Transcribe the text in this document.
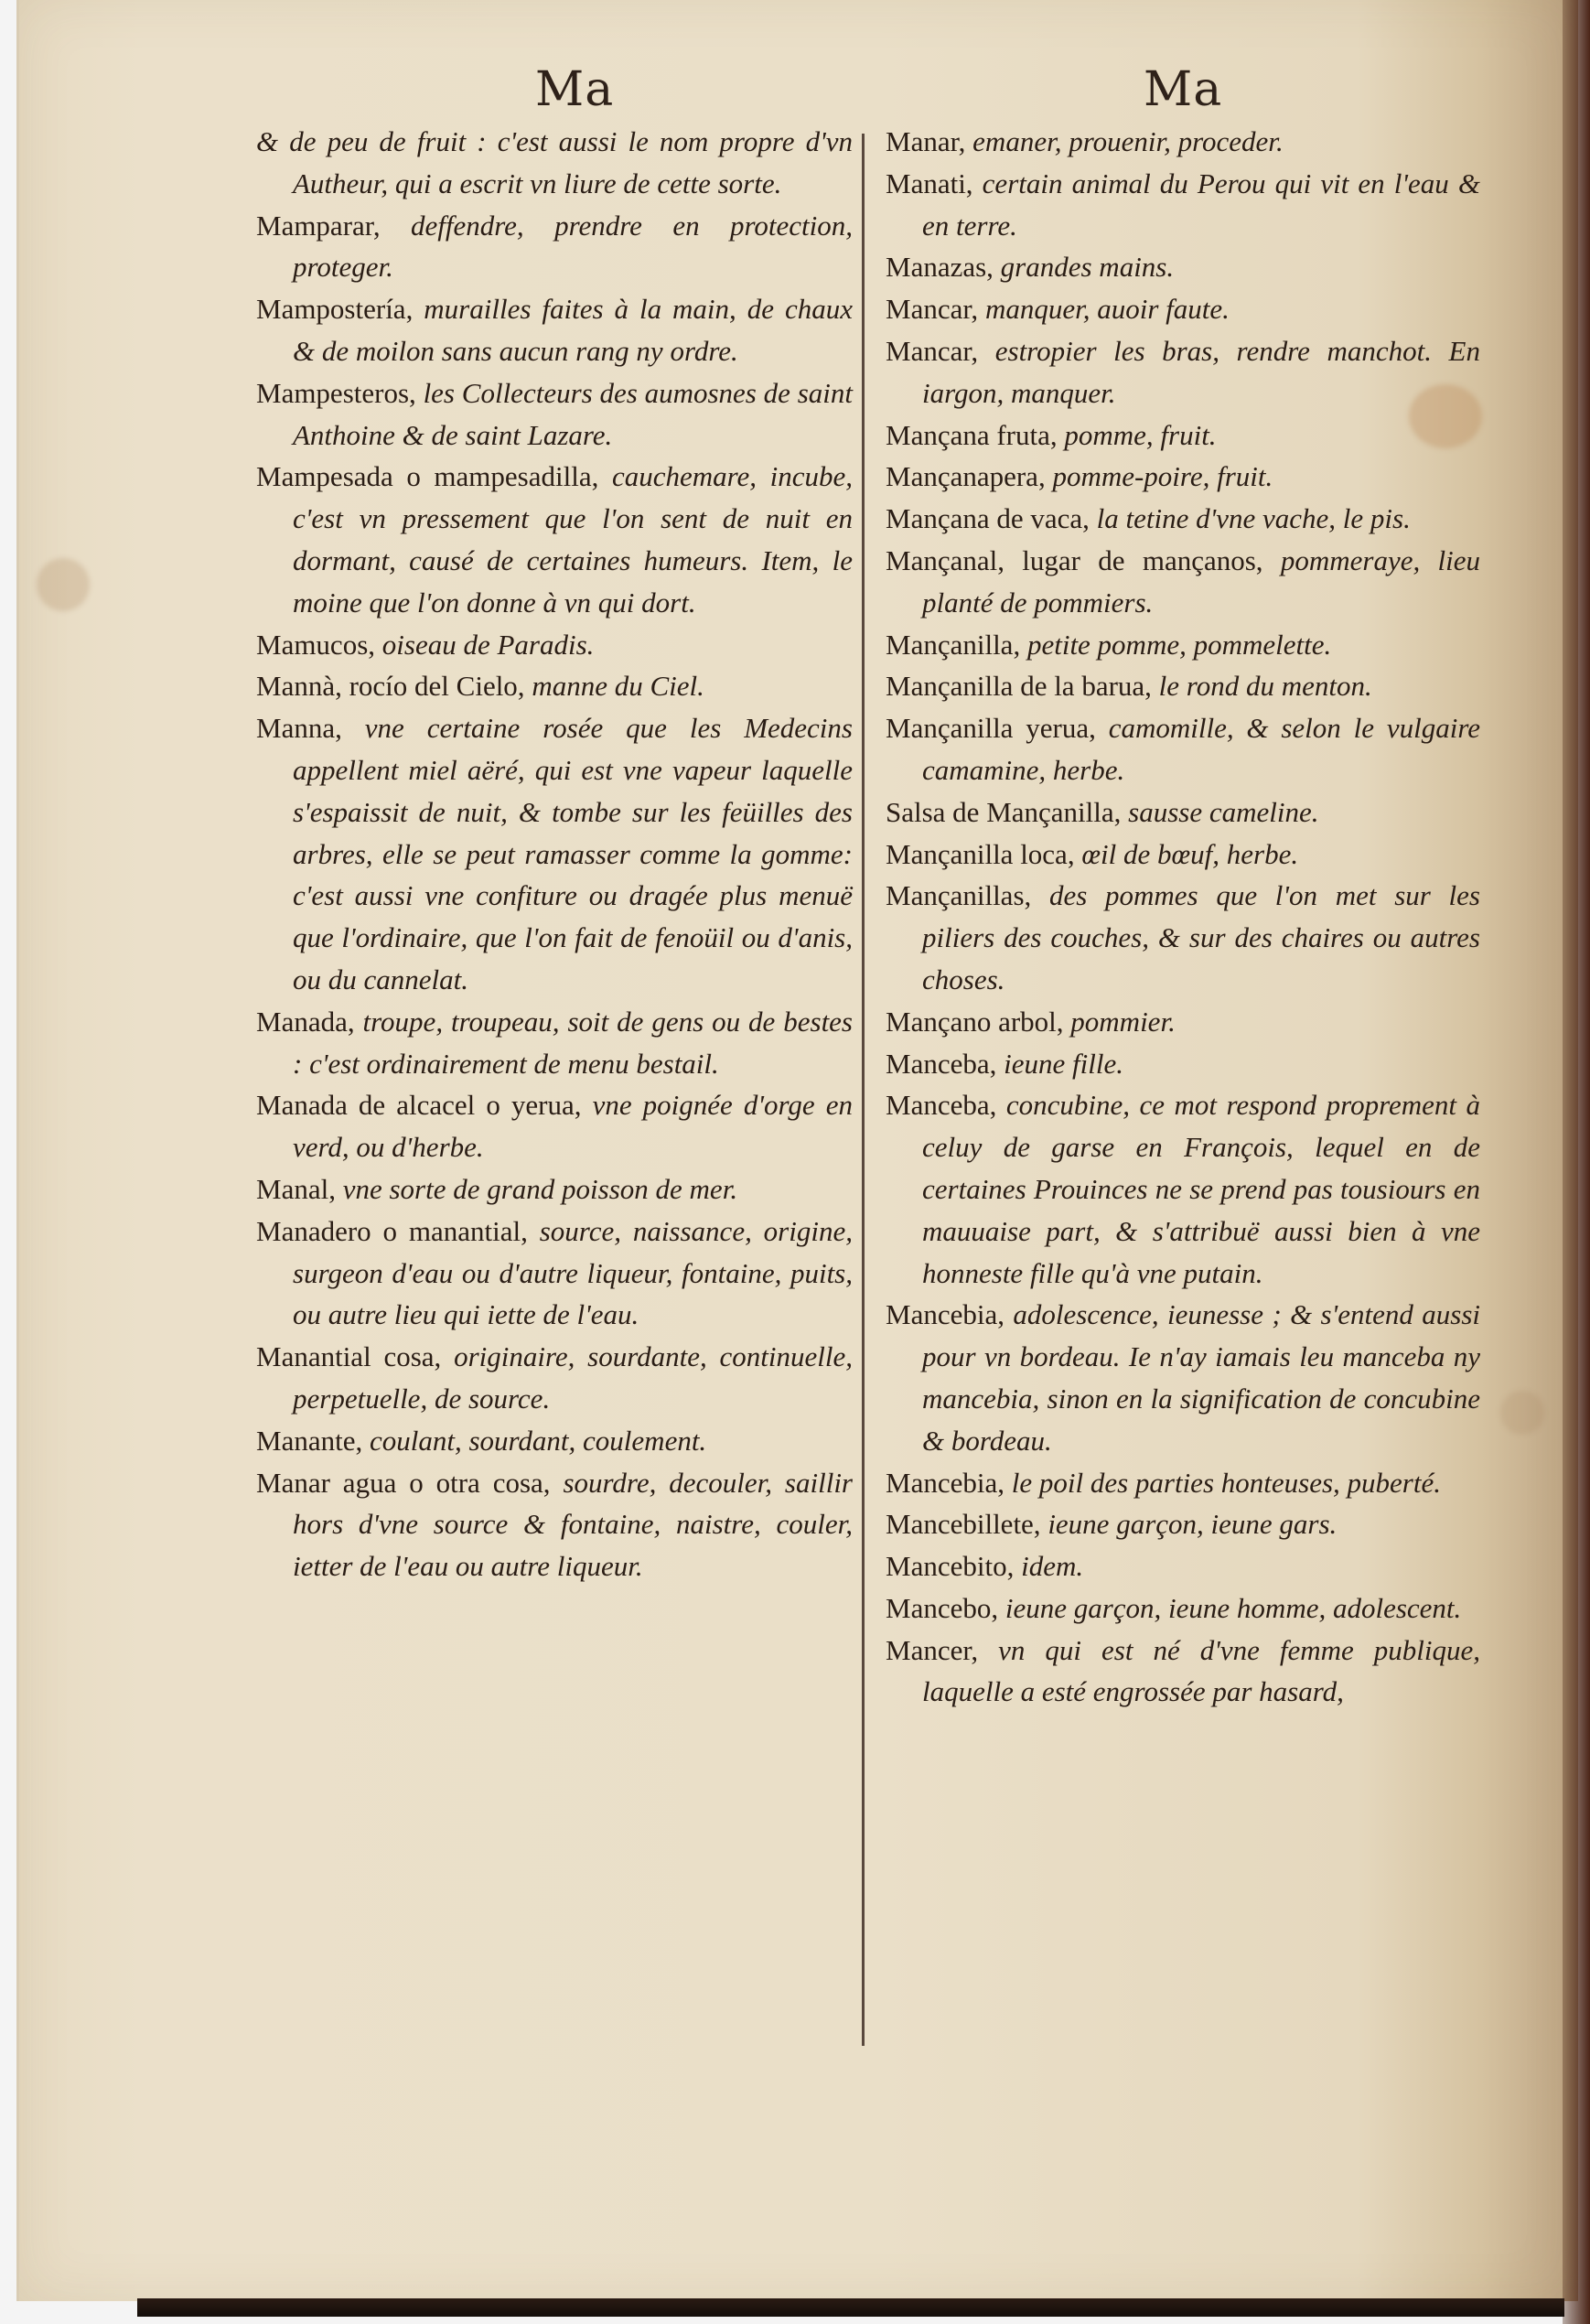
Ma	Ma
& de peu de fruit : c'est aussi le nom propre d'vn Autheur, qui a escrit vn liure de cette sorte.
Mamparar, deffendre, prendre en protection, proteger.
Mampostería, murailles faites à la main, de chaux & de moilon sans aucun rang ny ordre.
Mampesteros, les Collecteurs des aumosnes de saint Anthoine & de saint Lazare.
Mampesada o mampesadilla, cauchemare, incube, c'est vn pressement que l'on sent de nuit en dormant, causé de certaines humeurs. Item, le moine que l'on donne à vn qui dort.
Mamucos, oiseau de Paradis.
Mannà, rocío del Cielo, manne du Ciel.
Manna, vne certaine rosée que les Medecins appellent miel aëré, qui est vne vapeur laquelle s'espaissit de nuit, & tombe sur les feüilles des arbres, elle se peut ramasser comme la gomme: c'est aussi vne confiture ou dragée plus menuë que l'ordinaire, que l'on fait de fenoüil ou d'anis, ou du cannelat.
Manada, troupe, troupeau, soit de gens ou de bestes : c'est ordinairement de menu bestail.
Manada de alcacel o yerua, vne poignée d'orge en verd, ou d'herbe.
Manal, vne sorte de grand poisson de mer.
Manadero o manantial, source, naissance, origine, surgeon d'eau ou d'autre liqueur, fontaine, puits, ou autre lieu qui iette de l'eau.
Manantial cosa, originaire, sourdante, continuelle, perpetuelle, de source.
Manante, coulant, sourdant, coulement.
Manar agua o otra cosa, sourdre, decouler, saillir hors d'vne source & fontaine, naistre, couler, ietter de l'eau ou autre liqueur.
Manar, emaner, prouenir, proceder.
Manati, certain animal du Perou qui vit en l'eau & en terre.
Manazas, grandes mains.
Mancar, manquer, auoir faute.
Mancar, estropier les bras, rendre manchot. En iargon, manquer.
Mançana fruta, pomme, fruit.
Mançanapera, pomme-poire, fruit.
Mançana de vaca, la tetine d'vne vache, le pis.
Mançanal, lugar de mançanos, pommeraye, lieu planté de pommiers.
Mançanilla, petite pomme, pommelette.
Mançanilla de la barua, le rond du menton.
Mançanilla yerua, camomille, & selon le vulgaire camamine, herbe.
Salsa de Mançanilla, sausse cameline.
Mançanilla loca, œil de bœuf, herbe.
Mançanillas, des pommes que l'on met sur les piliers des couches, & sur des chaires ou autres choses.
Mançano arbol, pommier.
Manceba, ieune fille.
Manceba, concubine, ce mot respond proprement à celuy de garse en François, lequel en de certaines Prouinces ne se prend pas tousiours en mauuaise part, & s'attribuë aussi bien à vne honneste fille qu'à vne putain.
Mancebia, adolescence, ieunesse ; & s'entend aussi pour vn bordeau. Ie n'ay iamais leu manceba ny mancebia, sinon en la signification de concubine & bordeau.
Mancebia, le poil des parties honteuses, puberté.
Mancebillete, ieune garçon, ieune gars.
Mancebito, idem.
Mancebo, ieune garçon, ieune homme, adolescent.
Mancer, vn qui est né d'vne femme publique, laquelle a esté engrossée par hasard,
